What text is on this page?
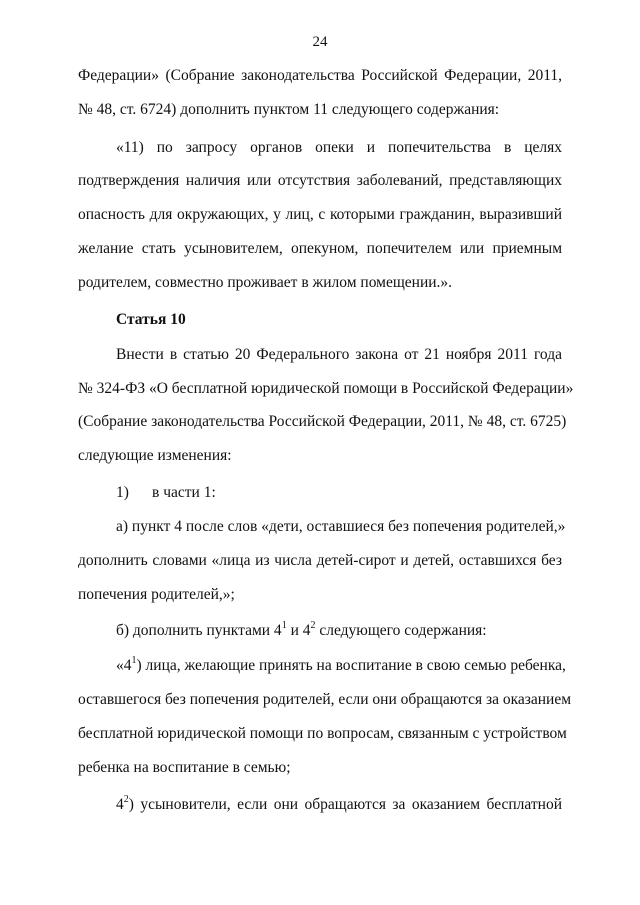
24
Федерации» (Собрание законодательства Российской Федерации, 2011,
№ 48, ст. 6724) дополнить пунктом 11 следующего содержания:
«11) по запросу органов опеки и попечительства в целях
подтверждения наличия или отсутствия заболеваний, представляющих
опасность для окружающих, у лиц, с которыми гражданин, выразивший
желание стать усыновителем, опекуном, попечителем или приемным
родителем, совместно проживает в жилом помещении.».
Статья 10
Внести в статью 20 Федерального закона от 21 ноября 2011 года
№ 324-ФЗ «О бесплатной юридической помощи в Российской Федерации»
(Собрание законодательства Российской Федерации, 2011, № 48, ст. 6725)
следующие изменения:
1) в части 1:
а) пункт 4 после слов «дети, оставшиеся без попечения родителей,»
дополнить словами «лица из числа детей-сирот и детей, оставшихся без
попечения родителей,»;
б) дополнить пунктами $4^1$ и $4^2$ следующего содержания:
«$4^1$) лица, желающие принять на воспитание в свою семью ребенка,
оставшегося без попечения родителей, если они обращаются за оказанием
бесплатной юридической помощи по вопросам, связанным с устройством
ребенка на воспитание в семью;
$4^2$) усыновители, если они обращаются за оказанием бесплатной
